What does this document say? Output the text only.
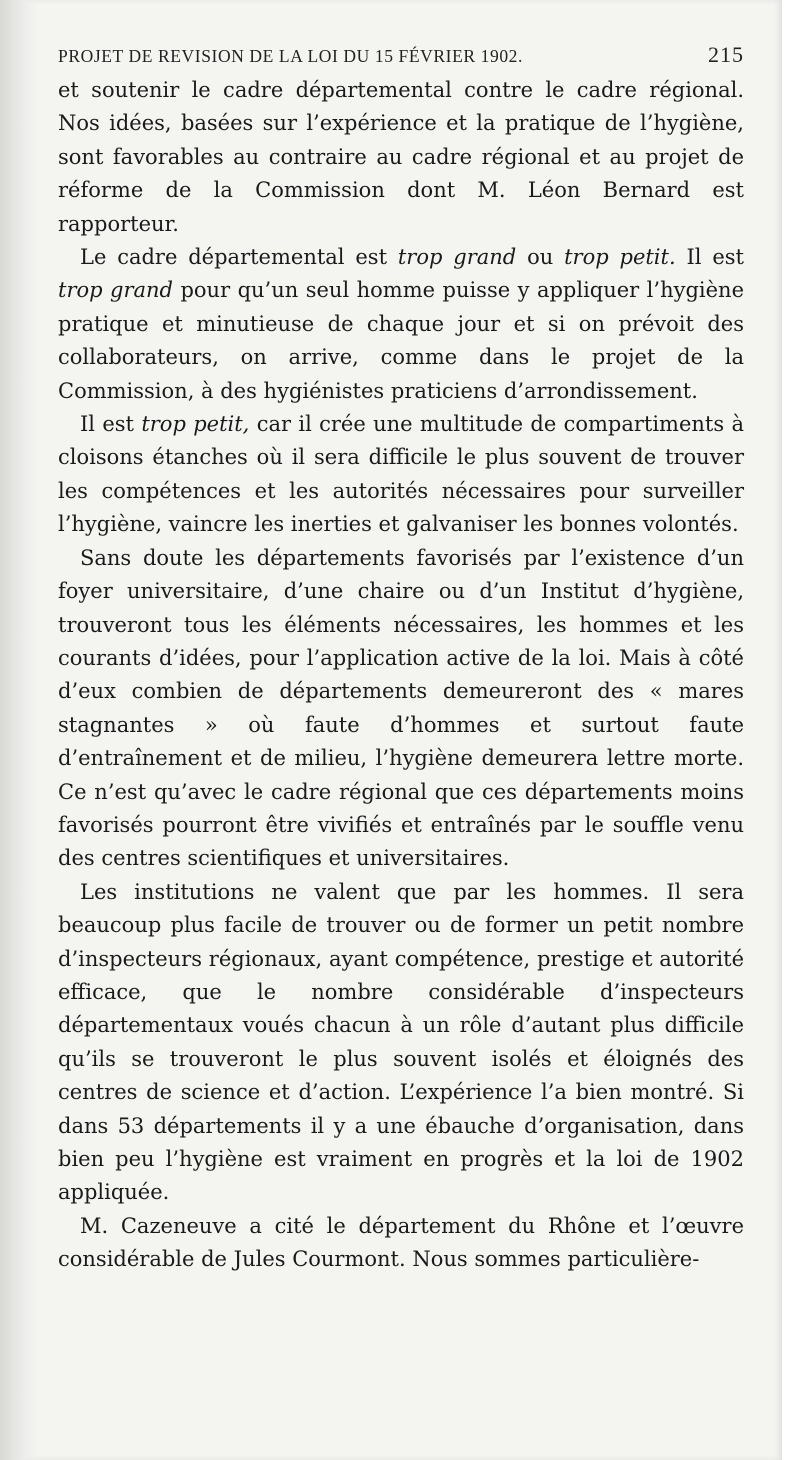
PROJET DE REVISION DE LA LOI DU 15 FÉVRIER 1902.	215

et soutenir le cadre départemental contre le cadre régional. Nos idées, basées sur l’expérience et la pratique de l’hygiène, sont favorables au contraire au cadre régional et au projet de réforme de la Commission dont M. Léon Bernard est rapporteur.

Le cadre départemental est trop grand ou trop petit. Il est trop grand pour qu’un seul homme puisse y appliquer l’hygiène pratique et minutieuse de chaque jour et si on prévoit des collaborateurs, on arrive, comme dans le projet de la Commission, à des hygiénistes praticiens d’arrondissement.

Il est trop petit, car il crée une multitude de compartiments à cloisons étanches où il sera difficile le plus souvent de trouver les compétences et les autorités nécessaires pour surveiller l’hygiène, vaincre les inerties et galvaniser les bonnes volontés.

Sans doute les départements favorisés par l’existence d’un foyer universitaire, d’une chaire ou d’un Institut d’hygiène, trouveront tous les éléments nécessaires, les hommes et les courants d’idées, pour l’application active de la loi. Mais à côté d’eux combien de départements demeureront des « mares stagnantes » où faute d’hommes et surtout faute d’entraînement et de milieu, l’hygiène demeurera lettre morte. Ce n’est qu’avec le cadre régional que ces départements moins favorisés pourront être vivifiés et entraînés par le souffle venu des centres scientifiques et universitaires.

Les institutions ne valent que par les hommes. Il sera beaucoup plus facile de trouver ou de former un petit nombre d’inspecteurs régionaux, ayant compétence, prestige et autorité efficace, que le nombre considérable d’inspecteurs départementaux voués chacun à un rôle d’autant plus difficile qu’ils se trouveront le plus souvent isolés et éloignés des centres de science et d’action. L’expérience l’a bien montré. Si dans 53 départements il y a une ébauche d’organisation, dans bien peu l’hygiène est vraiment en progrès et la loi de 1902 appliquée.

M. Cazeneuve a cité le département du Rhône et l’œuvre considérable de Jules Courmont. Nous sommes particulière-
